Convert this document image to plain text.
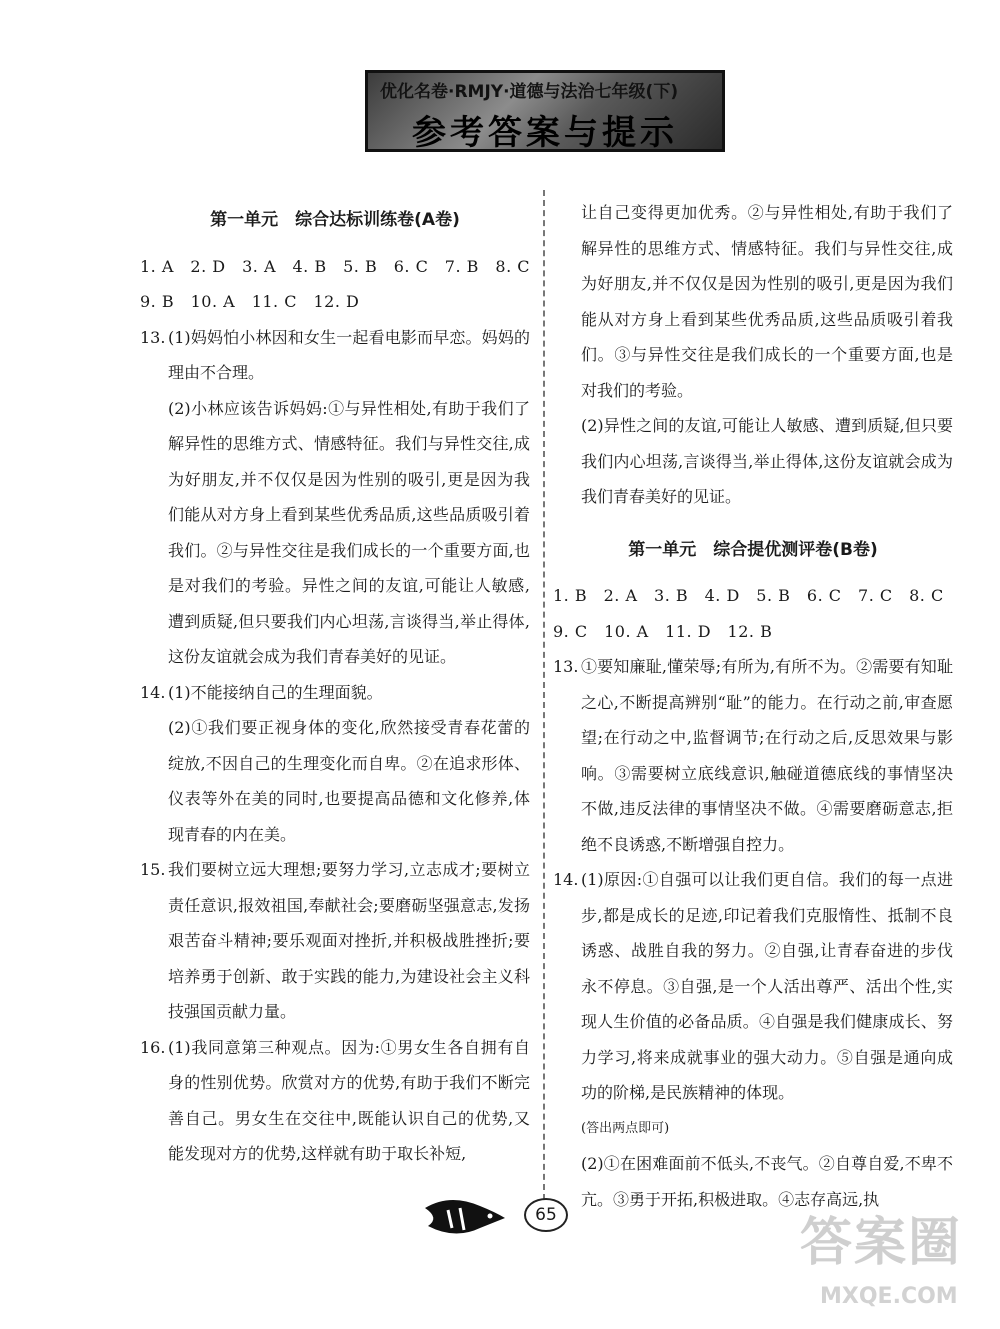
优化名卷·RMJY·道德与法治七年级(下)
参考答案与提示
第一单元　综合达标训练卷(A卷)
1. A　2. D　3. A　4. B　5. B　6. C　7. B　8. C
9. B　10. A　11. C　12. D
13. (1)妈妈怕小林因和女生一起看电影而早恋。妈妈的理由不合理。
(2)小林应该告诉妈妈:①与异性相处,有助于我们了解异性的思维方式、情感特征。我们与异性交往,成为好朋友,并不仅仅是因为性别的吸引,更是因为我们能从对方身上看到某些优秀品质,这些品质吸引着我们。②与异性交往是我们成长的一个重要方面,也是对我们的考验。异性之间的友谊,可能让人敏感,遭到质疑,但只要我们内心坦荡,言谈得当,举止得体,这份友谊就会成为我们青春美好的见证。
14. (1)不能接纳自己的生理面貌。
(2)①我们要正视身体的变化,欣然接受青春花蕾的绽放,不因自己的生理变化而自卑。②在追求形体、仪表等外在美的同时,也要提高品德和文化修养,体现青春的内在美。
15. 我们要树立远大理想;要努力学习,立志成才;要树立责任意识,报效祖国,奉献社会;要磨砺坚强意志,发扬艰苦奋斗精神;要乐观面对挫折,并积极战胜挫折;要培养勇于创新、敢于实践的能力,为建设社会主义科技强国贡献力量。
16. (1)我同意第三种观点。因为:①男女生各自拥有自身的性别优势。欣赏对方的优势,有助于我们不断完善自己。男女生在交往中,既能认识自己的优势,又能发现对方的优势,这样就有助于取长补短,
让自己变得更加优秀。②与异性相处,有助于我们了解异性的思维方式、情感特征。我们与异性交往,成为好朋友,并不仅仅是因为性别的吸引,更是因为我们能从对方身上看到某些优秀品质,这些品质吸引着我们。③与异性交往是我们成长的一个重要方面,也是对我们的考验。
(2)异性之间的友谊,可能让人敏感、遭到质疑,但只要我们内心坦荡,言谈得当,举止得体,这份友谊就会成为我们青春美好的见证。
第一单元　综合提优测评卷(B卷)
1. B　2. A　3. B　4. D　5. B　6. C　7. C　8. C
9. C　10. A　11. D　12. B
13. ①要知廉耻,懂荣辱;有所为,有所不为。②需要有知耻之心,不断提高辨别“耻”的能力。在行动之前,审查愿望;在行动之中,监督调节;在行动之后,反思效果与影响。③需要树立底线意识,触碰道德底线的事情坚决不做,违反法律的事情坚决不做。④需要磨砺意志,拒绝不良诱惑,不断增强自控力。
14. (1)原因:①自强可以让我们更自信。我们的每一点进步,都是成长的足迹,印记着我们克服惰性、抵制不良诱惑、战胜自我的努力。②自强,让青春奋进的步伐永不停息。③自强,是一个人活出尊严、活出个性,实现人生价值的必备品质。④自强是我们健康成长、努力学习,将来成就事业的强大动力。⑤自强是通向成功的阶梯,是民族精神的体现。
(答出两点即可)
(2)①在困难面前不低头,不丧气。②自尊自爱,不卑不亢。③勇于开拓,积极进取。④志存高远,执
65	答案圈
MXQE.COM
